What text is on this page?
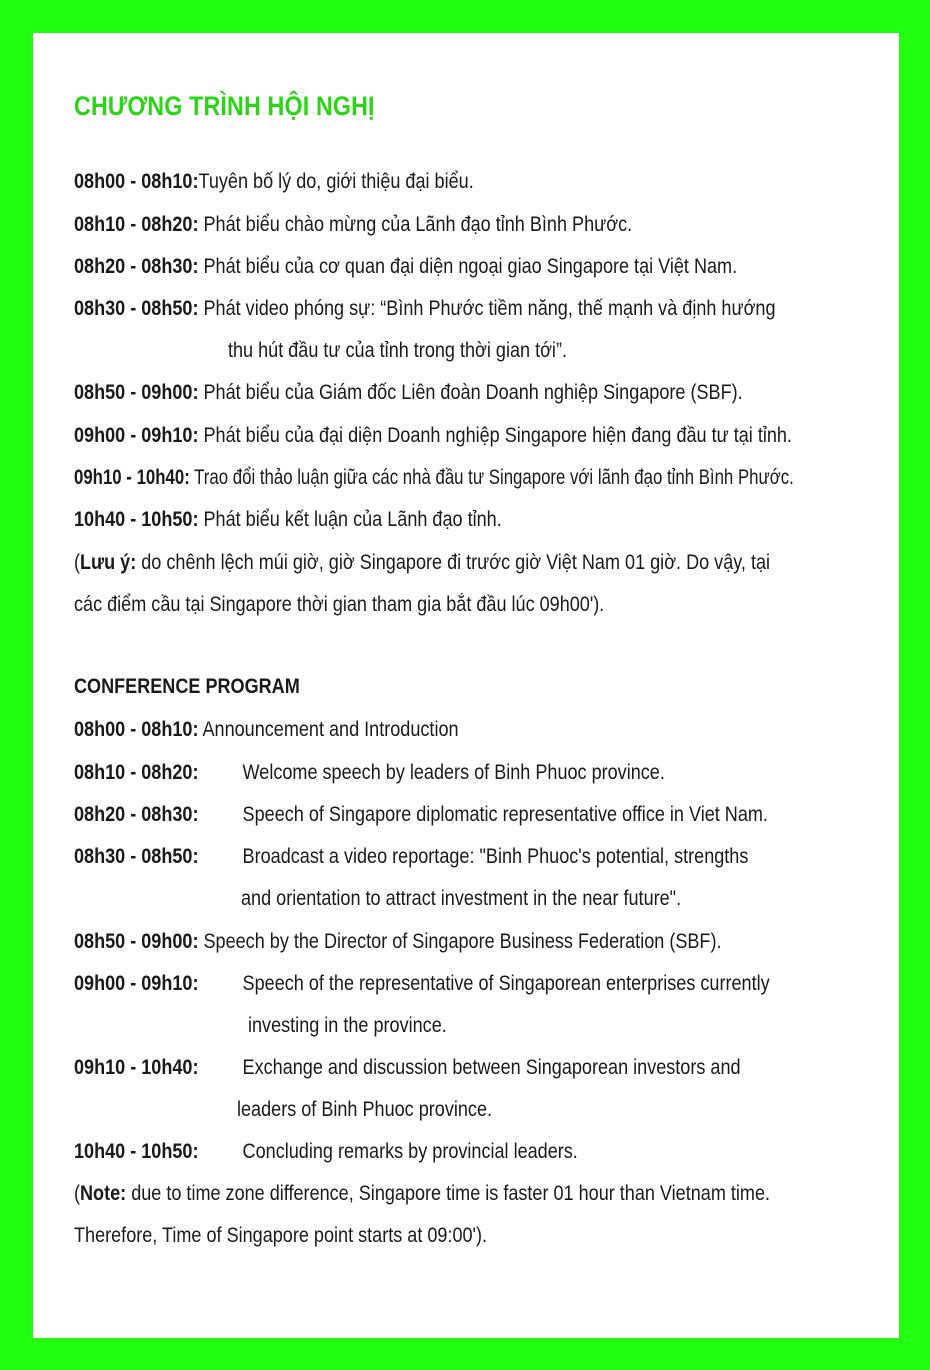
CHƯƠNG TRÌNH HỘI NGHỊ
08h00 - 08h10:Tuyên bố lý do, giới thiệu đại biểu.
08h10 - 08h20: Phát biểu chào mừng của Lãnh đạo tỉnh Bình Phước.
08h20 - 08h30: Phát biểu của cơ quan đại diện ngoại giao Singapore tại Việt Nam.
08h30 - 08h50: Phát video phóng sự: “Bình Phước tiềm năng, thế mạnh và định hướng
thu hút đầu tư của tỉnh trong thời gian tới”.
08h50 - 09h00: Phát biểu của Giám đốc Liên đoàn Doanh nghiệp Singapore (SBF).
09h00 - 09h10: Phát biểu của đại diện Doanh nghiệp Singapore hiện đang đầu tư tại tỉnh.
09h10 - 10h40: Trao đổi thảo luận giữa các nhà đầu tư Singapore với lãnh đạo tỉnh Bình Phước.
10h40 - 10h50: Phát biểu kết luận của Lãnh đạo tỉnh.
(Lưu ý: do chênh lệch múi giờ, giờ Singapore đi trước giờ Việt Nam 01 giờ. Do vậy, tại
các điểm cầu tại Singapore thời gian tham gia bắt đầu lúc 09h00').
CONFERENCE PROGRAM
08h00 - 08h10: Announcement and Introduction
08h10 - 08h20: Welcome speech by leaders of Binh Phuoc province.
08h20 - 08h30: Speech of Singapore diplomatic representative office in Viet Nam.
08h30 - 08h50: Broadcast a video reportage: "Binh Phuoc's potential, strengths
and orientation to attract investment in the near future".
08h50 - 09h00: Speech by the Director of Singapore Business Federation (SBF).
09h00 - 09h10: Speech of the representative of Singaporean enterprises currently
investing in the province.
09h10 - 10h40: Exchange and discussion between Singaporean investors and
leaders of Binh Phuoc province.
10h40 - 10h50: Concluding remarks by provincial leaders.
(Note: due to time zone difference, Singapore time is faster 01 hour than Vietnam time.
Therefore, Time of Singapore point starts at 09:00').
